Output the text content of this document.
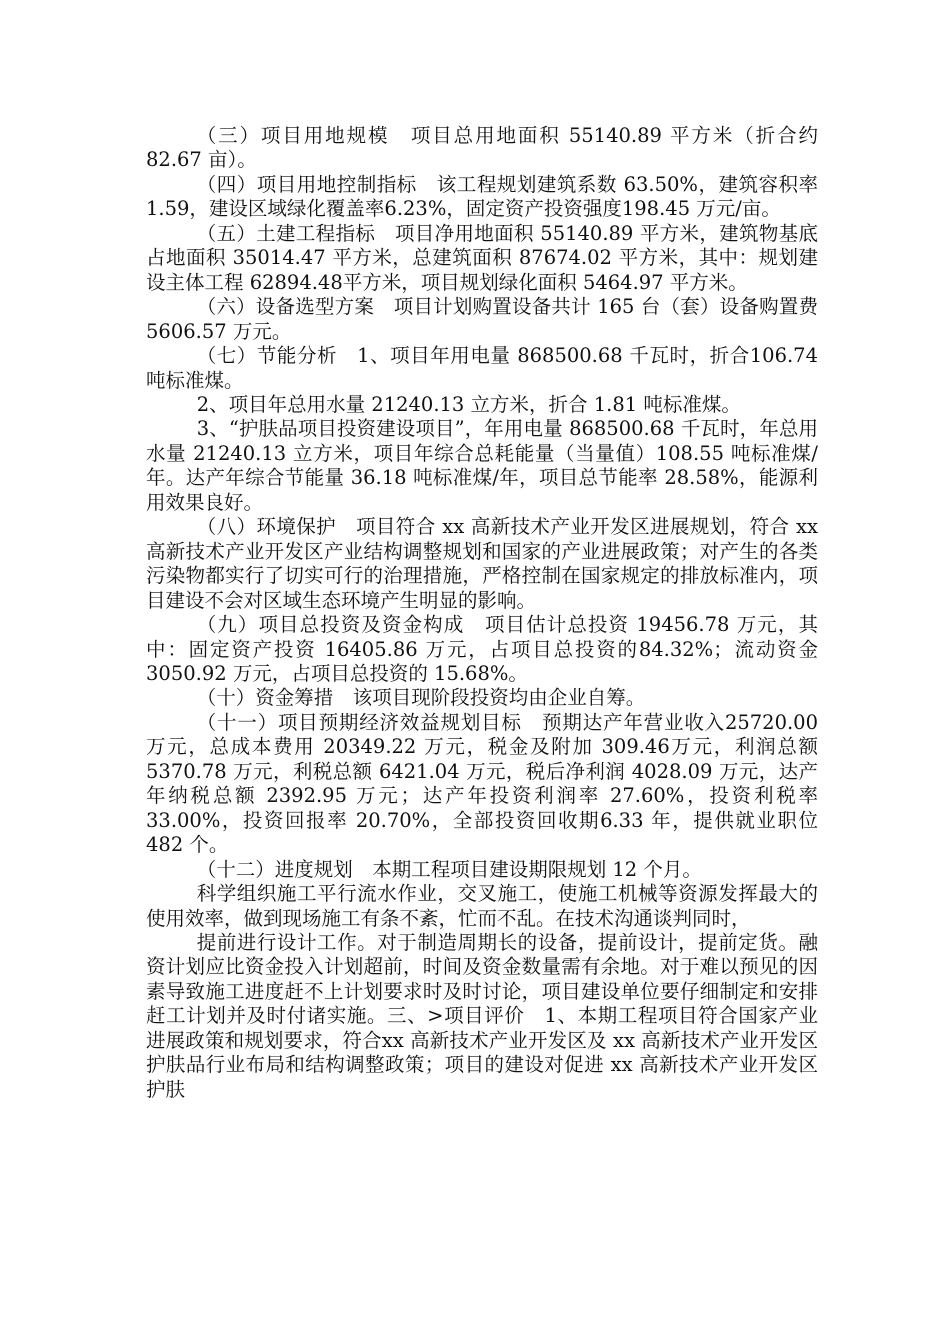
（三）项目用地规模　项目总用地面积 55140.89 平方米（折合约 82.67 亩）。

（四）项目用地控制指标　该工程规划建筑系数 63.50%，建筑容积率 1.59，建设区域绿化覆盖率6.23%，固定资产投资强度198.45 万元/亩。

（五）土建工程指标　项目净用地面积 55140.89 平方米，建筑物基底占地面积 35014.47 平方米，总建筑面积 87674.02 平方米，其中：规划建设主体工程 62894.48平方米，项目规划绿化面积 5464.97 平方米。

（六）设备选型方案　项目计划购置设备共计 165 台（套）设备购置费 5606.57 万元。

（七）节能分析　1、项目年用电量 868500.68 千瓦时，折合106.74 吨标准煤。

2、项目年总用水量 21240.13 立方米，折合 1.81 吨标准煤。

3、“护肤品项目投资建设项目”，年用电量 868500.68 千瓦时，年总用水量 21240.13 立方米，项目年综合总耗能量（当量值）108.55 吨标准煤/年。达产年综合节能量 36.18 吨标准煤/年，项目总节能率 28.58%，能源利用效果良好。

（八）环境保护　项目符合 xx 高新技术产业开发区进展规划，符合 xx 高新技术产业开发区产业结构调整规划和国家的产业进展政策；对产生的各类污染物都实行了切实可行的治理措施，严格控制在国家规定的排放标准内，项目建设不会对区域生态环境产生明显的影响。

（九）项目总投资及资金构成　项目估计总投资 19456.78 万元，其中：固定资产投资 16405.86 万元，占项目总投资的84.32%；流动资金 3050.92 万元，占项目总投资的 15.68%。

（十）资金筹措　该项目现阶段投资均由企业自筹。

（十一）项目预期经济效益规划目标　预期达产年营业收入25720.00 万元，总成本费用 20349.22 万元，税金及附加 309.46万元，利润总额 5370.78 万元，利税总额 6421.04 万元，税后净利润 4028.09 万元，达产年纳税总额 2392.95 万元；达产年投资利润率 27.60%，投资利税率 33.00%，投资回报率 20.70%，全部投资回收期6.33 年，提供就业职位 482 个。

（十二）进度规划　本期工程项目建设期限规划 12 个月。

科学组织施工平行流水作业，交叉施工，使施工机械等资源发挥最大的使用效率，做到现场施工有条不紊，忙而不乱。在技术沟通谈判同时，

提前进行设计工作。对于制造周期长的设备，提前设计，提前定货。融资计划应比资金投入计划超前，时间及资金数量需有余地。对于难以预见的因素导致施工进度赶不上计划要求时及时讨论，项目建设单位要仔细制定和安排赶工计划并及时付诸实施。三、>项目评价　1、本期工程项目符合国家产业进展政策和规划要求，符合xx 高新技术产业开发区及 xx 高新技术产业开发区护肤品行业布局和结构调整政策；项目的建设对促进 xx 高新技术产业开发区护肤
